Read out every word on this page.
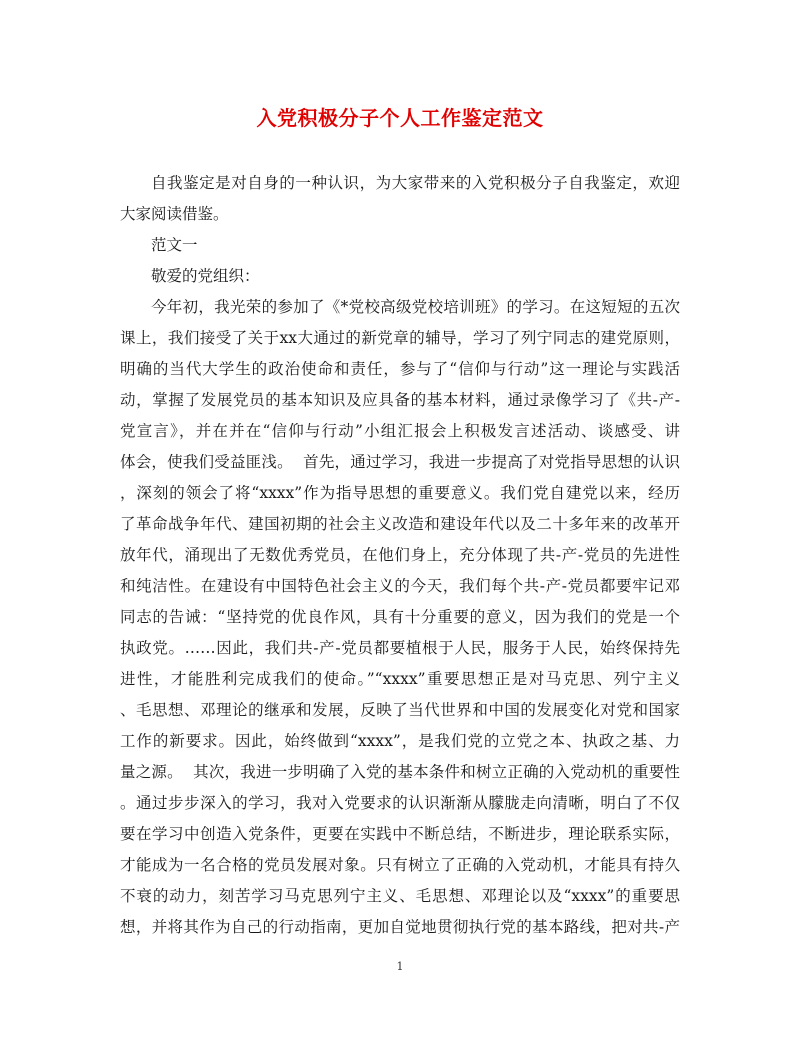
入党积极分子个人工作鉴定范文
自我鉴定是对自身的一种认识，为大家带来的入党积极分子自我鉴定，欢迎
大家阅读借鉴。
范文一
敬爱的党组织：
今年初，我光荣的参加了《*党校高级党校培训班》的学习。在这短短的五次
课上，我们接受了关于xx大通过的新党章的辅导，学习了列宁同志的建党原则，
明确的当代大学生的政治使命和责任，参与了“信仰与行动”这一理论与实践活
动，掌握了发展党员的基本知识及应具备的基本材料，通过录像学习了《共-产-
党宣言》，并在并在“信仰与行动”小组汇报会上积极发言述活动、谈感受、讲
体会，使我们受益匪浅。  首先，通过学习，我进一步提高了对党指导思想的认识
，深刻的领会了将“xxxx”作为指导思想的重要意义。我们党自建党以来，经历
了革命战争年代、建国初期的社会主义改造和建设年代以及二十多年来的改革开
放年代，涌现出了无数优秀党员，在他们身上，充分体现了共-产-党员的先进性
和纯洁性。在建设有中国特色社会主义的今天，我们每个共-产-党员都要牢记邓
同志的告诫：“坚持党的优良作风，具有十分重要的意义，因为我们的党是一个
执政党。……因此，我们共-产-党员都要植根于人民，服务于人民，始终保持先
进性，才能胜利完成我们的使命。”“xxxx”重要思想正是对马克思、列宁主义
、毛思想、邓理论的继承和发展，反映了当代世界和中国的发展变化对党和国家
工作的新要求。因此，始终做到“xxxx”，是我们党的立党之本、执政之基、力
量之源。  其次，我进一步明确了入党的基本条件和树立正确的入党动机的重要性
。通过步步深入的学习，我对入党要求的认识渐渐从朦胧走向清晰，明白了不仅
要在学习中创造入党条件，更要在实践中不断总结，不断进步，理论联系实际，
才能成为一名合格的党员发展对象。只有树立了正确的入党动机，才能具有持久
不衰的动力，刻苦学习马克思列宁主义、毛思想、邓理论以及“xxxx”的重要思
想，并将其作为自己的行动指南，更加自觉地贯彻执行党的基本路线，把对共-产
1
